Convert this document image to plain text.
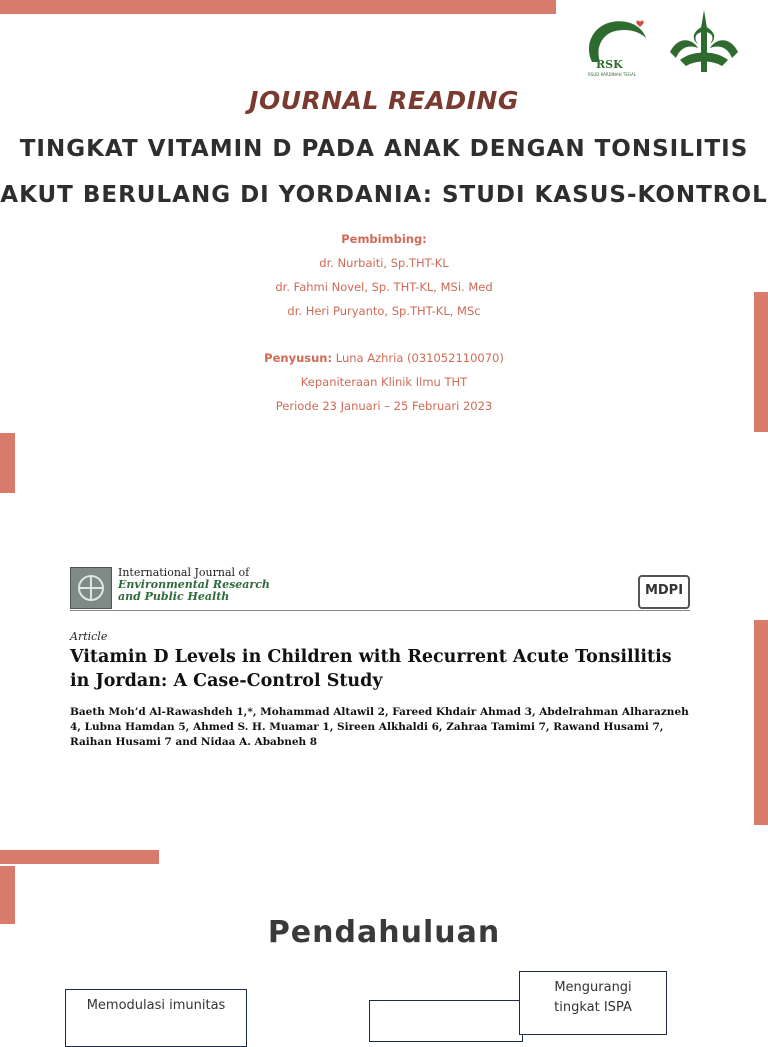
RSK
RSUD KARDINAH TEGAL
JOURNAL READING
TINGKAT VITAMIN D PADA ANAK DENGAN TONSILITIS
AKUT BERULANG DI YORDANIA: STUDI KASUS-KONTROL
Pembimbing:
dr. Nurbaiti, Sp.THT-KL
dr. Fahmi Novel, Sp. THT-KL, MSi. Med
dr. Heri Puryanto, Sp.THT-KL, MSc
Penyusun: Luna Azhria (031052110070)
Kepaniteraan Klinik Ilmu THT
Periode 23 Januari – 25 Februari 2023
International Journal of
Environmental Research
and Public Health	MDPI
Article
Vitamin D Levels in Children with Recurrent Acute Tonsillitis in Jordan: A Case-Control Study
Baeth Moh’d Al-Rawashdeh 1,*, Mohammad Altawil 2, Fareed Khdair Ahmad 3, Abdelrahman Alharazneh 4, Lubna Hamdan 5, Ahmed S. H. Muamar 1, Sireen Alkhaldi 6, Zahraa Tamimi 7, Rawand Husami 7, Raihan Husami 7 and Nidaa A. Ababneh 8
Pendahuluan
Memodulasi imunitas
Mengurangi
tingkat ISPA
